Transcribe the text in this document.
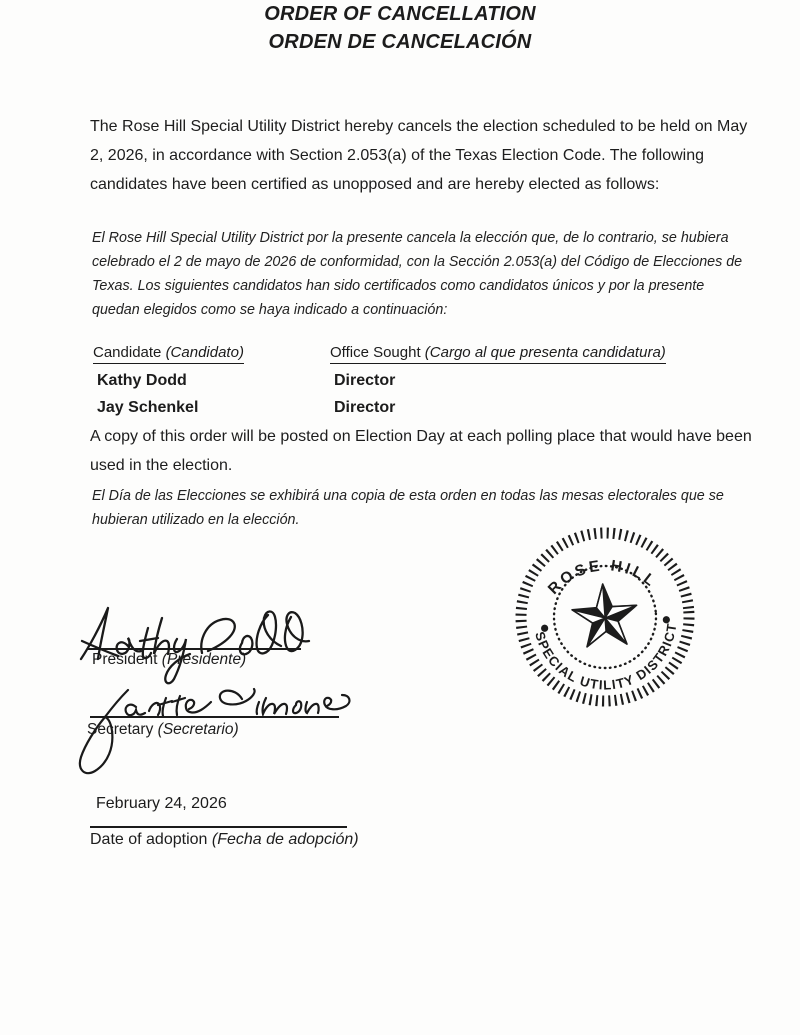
ORDER OF CANCELLATION
ORDEN DE CANCELACIÓN
The Rose Hill Special Utility District hereby cancels the election scheduled to be held on May 2, 2026, in accordance with Section 2.053(a) of the Texas Election Code. The following candidates have been certified as unopposed and are hereby elected as follows:
El Rose Hill Special Utility District por la presente cancela la elección que, de lo contrario, se hubiera celebrado el 2 de mayo de 2026 de conformidad, con la Sección 2.053(a) del Código de Elecciones de Texas. Los siguientes candidatos han sido certificados como candidatos únicos y por la presente quedan elegidos como se haya indicado a continuación:
Candidate (Candidato)	Office Sought (Cargo al que presenta candidatura)
Kathy Dodd	Director
Jay Schenkel	Director
A copy of this order will be posted on Election Day at each polling place that would have been used in the election.
El Día de las Elecciones se exhibirá una copia de esta orden en todas las mesas electorales que se hubieran utilizado en la elección.
ROSE HILL
SPECIAL UTILITY DISTRICT
President (Presidente)
Secretary (Secretario)
February 24, 2026
Date of adoption (Fecha de adopción)
